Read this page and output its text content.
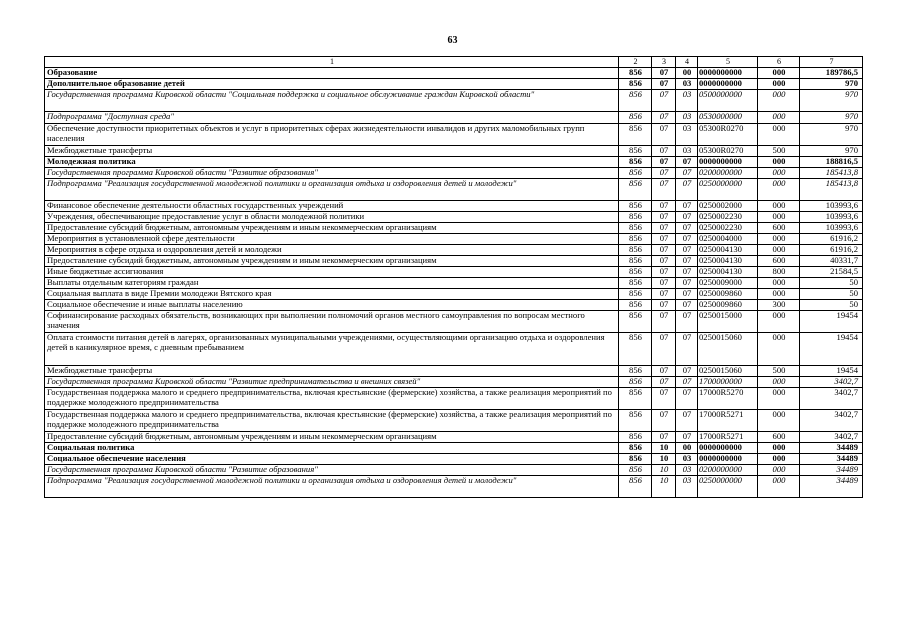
63
1	2	3	4	5	6	7
Образование	856	07	00	0000000000	000	189786,5
Дополнительное образование детей	856	07	03	0000000000	000	970
Государственная программа Кировской области "Социальная поддержка и социальное обслуживание граждан Кировской области"	856	07	03	0500000000	000	970
Подпрограмма "Доступная среда"	856	07	03	0530000000	000	970
Обеспечение доступности приоритетных объектов и услуг в приоритетных сферах жизнедеятельности инвалидов и других маломобильных групп населения	856	07	03	05300R0270	000	970
Межбюджетные трансферты	856	07	03	05300R0270	500	970
Молодежная политика	856	07	07	0000000000	000	188816,5
Государственная программа Кировской области "Развитие образования"	856	07	07	0200000000	000	185413,8
Подпрограмма "Реализация государственной молодежной политики и организация отдыха и оздоровления детей и молодежи"	856	07	07	0250000000	000	185413,8
Финансовое обеспечение деятельности областных государственных учреждений	856	07	07	0250002000	000	103993,6
Учреждения, обеспечивающие предоставление услуг в области молодежной политики	856	07	07	0250002230	000	103993,6
Предоставление субсидий бюджетным, автономным учреждениям и иным некоммерческим организациям	856	07	07	0250002230	600	103993,6
Мероприятия в установленной сфере деятельности	856	07	07	0250004000	000	61916,2
Мероприятия в сфере отдыха и оздоровления детей и молодежи	856	07	07	0250004130	000	61916,2
Предоставление субсидий бюджетным, автономным учреждениям и иным некоммерческим организациям	856	07	07	0250004130	600	40331,7
Иные бюджетные ассигнования	856	07	07	0250004130	800	21584,5
Выплаты отдельным категориям граждан	856	07	07	0250009000	000	50
Социальная выплата в виде Премии молодежи Вятского края	856	07	07	0250009860	000	50
Социальное обеспечение и иные выплаты населению	856	07	07	0250009860	300	50
Софинансирование расходных обязательств, возникающих при выполнении полномочий органов местного самоуправления по вопросам местного значения	856	07	07	0250015000	000	19454
Оплата стоимости питания детей в лагерях, организованных муниципальными учреждениями, осуществляющими организацию отдыха и оздоровления детей в каникулярное время, с дневным пребыванием	856	07	07	0250015060	000	19454
Межбюджетные трансферты	856	07	07	0250015060	500	19454
Государственная программа Кировской области "Развитие предпринимательства и внешних связей"	856	07	07	1700000000	000	3402,7
Государственная поддержка малого и среднего предпринимательства, включая крестьянские (фермерские) хозяйства, а также реализация мероприятий по поддержке молодежного предпринимательства	856	07	07	17000R5270	000	3402,7
Государственная поддержка малого и среднего предпринимательства, включая крестьянские (фермерские) хозяйства, а также реализация мероприятий по поддержке молодежного предпринимательства	856	07	07	17000R5271	000	3402,7
Предоставление субсидий бюджетным, автономным учреждениям и иным некоммерческим организациям	856	07	07	17000R5271	600	3402,7
Социальная политика	856	10	00	0000000000	000	34489
Социальное обеспечение населения	856	10	03	0000000000	000	34489
Государственная программа Кировской области "Развитие образования"	856	10	03	0200000000	000	34489
Подпрограмма "Реализация государственной молодежной политики и организация отдыха и оздоровления детей и молодежи"	856	10	03	0250000000	000	34489
